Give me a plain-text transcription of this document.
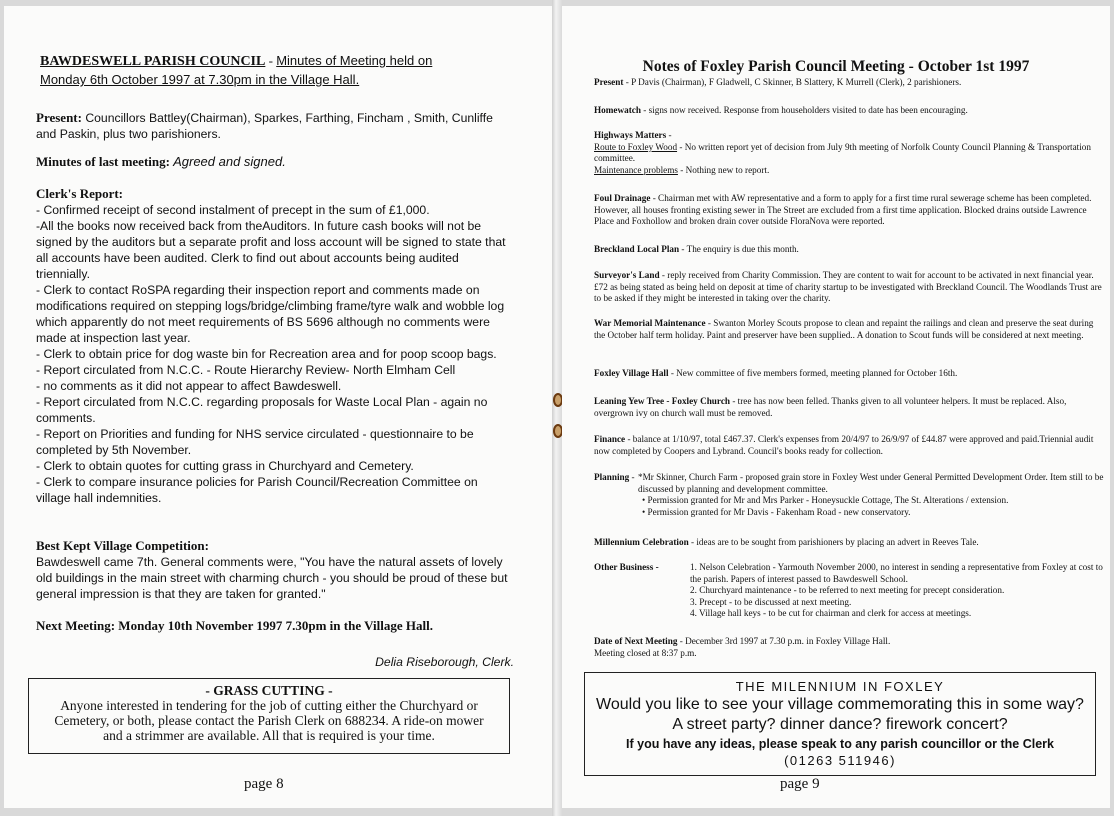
BAWDESWELL PARISH COUNCIL - Minutes of Meeting held on
Monday 6th October 1997 at 7.30pm in the Village Hall.
Present: Councillors Battley(Chairman), Sparkes, Farthing, Fincham , Smith, Cunliffe and Paskin, plus two parishioners.
Minutes of last meeting: Agreed and signed.
Clerk's Report:
- Confirmed receipt of second instalment of precept in the sum of £1,000.
-All the books now received back from theAuditors. In future cash books will not be signed by the auditors but a separate profit and loss account will be signed to state that all accounts have been audited. Clerk to find out about accounts being audited triennially.
- Clerk to contact RoSPA regarding their inspection report and comments made on modifications required on stepping logs/bridge/climbing frame/tyre walk and wobble log which apparently do not meet requirements of BS 5696 although no comments were made at inspection last year.
- Clerk to obtain price for dog waste bin for Recreation area and for poop scoop bags.
- Report circulated from N.C.C. - Route Hierarchy Review- North Elmham Cell
- no comments as it did not appear to affect Bawdeswell.
- Report circulated from N.C.C. regarding proposals for Waste Local Plan - again no comments.
- Report on Priorities and funding for NHS service circulated - questionnaire to be completed by 5th November.
- Clerk to obtain quotes for cutting grass in Churchyard and Cemetery.
- Clerk to compare insurance policies for Parish Council/Recreation Committee on village hall indemnities.
Best Kept Village Competition:
Bawdeswell came 7th. General comments were, "You have the natural assets of lovely old buildings in the main street with charming church - you should be proud of these but general impression is that they are taken for granted."
Next Meeting: Monday 10th November 1997 7.30pm in the Village Hall.
Delia Riseborough, Clerk.
- GRASS CUTTING -
Anyone interested in tendering for the job of cutting either the Churchyard or Cemetery, or both, please contact the Parish Clerk on 688234. A ride-on mower and a strimmer are available. All that is required is your time.
page 8
Notes of Foxley Parish Council Meeting - October 1st 1997
Present - P Davis (Chairman), F Gladwell, C Skinner, B Slattery, K Murrell (Clerk), 2 parishioners.
Homewatch - signs now received. Response from householders visited to date has been encouraging.
Highways Matters -
Route to Foxley Wood - No written report yet of decision from July 9th meeting of Norfolk County Council Planning & Transportation committee.
Maintenance problems - Nothing new to report.
Foul Drainage - Chairman met with AW representative and a form to apply for a first time rural sewerage scheme has been completed. However, all houses fronting existing sewer in The Street are excluded from a first time application. Blocked drains outside Lawrence Place and Foxhollow and broken drain cover outside FloraNova were reported.
Breckland Local Plan - The enquiry is due this month.
Surveyor's Land - reply received from Charity Commission. They are content to wait for account to be activated in next financial year. £72 as being stated as being held on deposit at time of charity startup to be investigated with Breckland Council. The Woodlands Trust are to be asked if they might be interested in taking over the charity.
War Memorial Maintenance - Swanton Morley Scouts propose to clean and repaint the railings and clean and preserve the seat during the October half term holiday. Paint and preserver have been supplied.. A donation to Scout funds will be considered at next meeting.
Foxley Village Hall - New committee of five members formed, meeting planned for October 16th.
Leaning Yew Tree - Foxley Church - tree has now been felled. Thanks given to all volunteer helpers. It must be replaced. Also, overgrown ivy on church wall must be removed.
Finance - balance at 1/10/97, total £467.37. Clerk's expenses from 20/4/97 to 26/9/97 of £44.87 were approved and paid.Triennial audit now completed by Coopers and Lybrand. Council's books ready for collection.
Planning - *Mr Skinner, Church Farm - proposed grain store in Foxley West under General Permitted Development Order. Item still to be discussed by planning and development committee.
• Permission granted for Mr and Mrs Parker - Honeysuckle Cottage, The St. Alterations / extension.
• Permission granted for Mr Davis - Fakenham Road - new conservatory.
Millennium Celebration - ideas are to be sought from parishioners by placing an advert in Reeves Tale.
Other Business -	1. Nelson Celebration - Yarmouth November 2000, no interest in sending a representative from Foxley at cost to the parish. Papers of interest passed to Bawdeswell School.
2. Churchyard maintenance - to be referred to next meeting for precept consideration.
3. Precept - to be discussed at next meeting.
4. Village hall keys - to be cut for chairman and clerk for access at meetings.
Date of Next Meeting - December 3rd 1997 at 7.30 p.m. in Foxley Village Hall.
Meeting closed at 8:37 p.m.
THE MILENNIUM IN FOXLEY
Would you like to see your village commemorating this in some way?
A street party? dinner dance? firework concert?
If you have any ideas, please speak to any parish councillor or the Clerk
(01263 511946)
page 9
